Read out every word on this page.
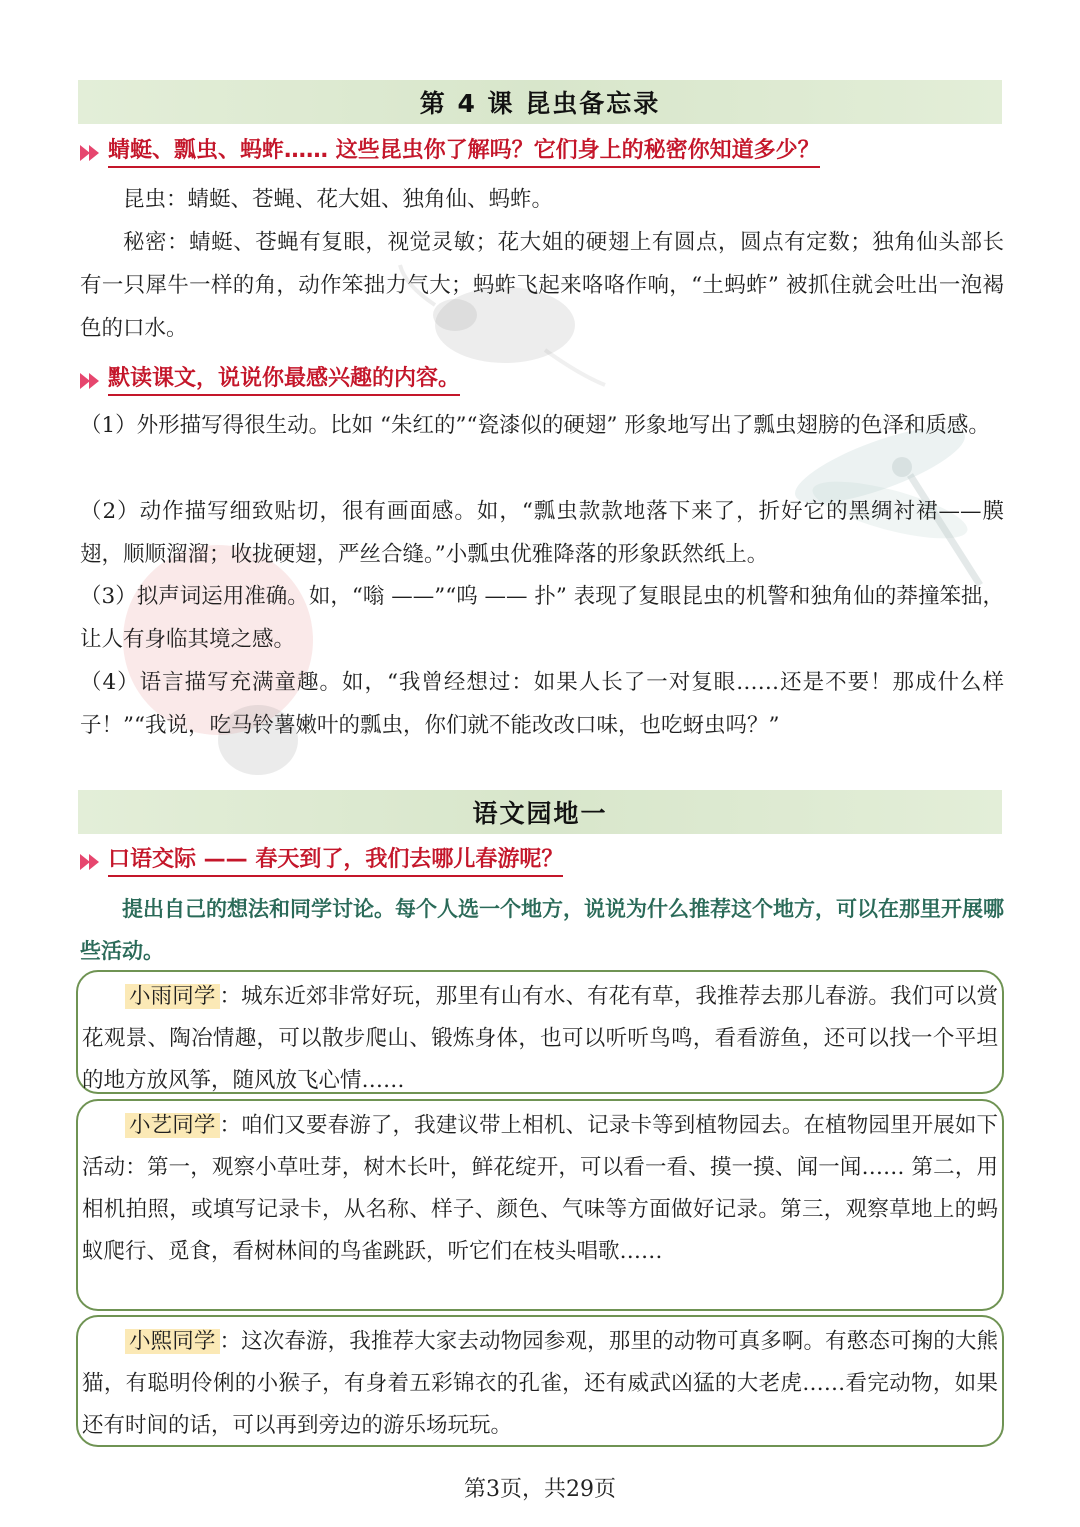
第 4 课 昆虫备忘录
蜻蜓、瓢虫、蚂蚱…… 这些昆虫你了解吗？它们身上的秘密你知道多少？

昆虫：蜻蜓、苍蝇、花大姐、独角仙、蚂蚱。

秘密：蜻蜓、苍蝇有复眼，视觉灵敏；花大姐的硬翅上有圆点，圆点有定数；独角仙头部长有一只犀牛一样的角，动作笨拙力气大；蚂蚱飞起来咯咯作响，“土蚂蚱” 被抓住就会吐出一泡褐色的口水。

默读课文，说说你最感兴趣的内容。

（1）外形描写得很生动。比如 “朱红的”“瓷漆似的硬翅” 形象地写出了瓢虫翅膀的色泽和质感。

（2）动作描写细致贴切，很有画面感。如，“瓢虫款款地落下来了，折好它的黑绸衬裙——膜翅，顺顺溜溜；收拢硬翅，严丝合缝。”小瓢虫优雅降落的形象跃然纸上。

（3）拟声词运用准确。如，“嗡 ——”“呜 —— 扑” 表现了复眼昆虫的机警和独角仙的莽撞笨拙，让人有身临其境之感。

（4）语言描写充满童趣。如，“我曾经想过：如果人长了一对复眼……还是不要！那成什么样子！”“我说，吃马铃薯嫩叶的瓢虫，你们就不能改改口味，也吃蚜虫吗？”

语文园地一
口语交际 —— 春天到了，我们去哪儿春游呢？

提出自己的想法和同学讨论。每个人选一个地方，说说为什么推荐这个地方，可以在那里开展哪些活动。

小雨同学 ：城东近郊非常好玩，那里有山有水、有花有草，我推荐去那儿春游。我们可以赏花观景、陶冶情趣，可以散步爬山、锻炼身体，也可以听听鸟鸣，看看游鱼，还可以找一个平坦的地方放风筝，随风放飞心情……
小艺同学 ：咱们又要春游了，我建议带上相机、记录卡等到植物园去。在植物园里开展如下活动：第一，观察小草吐芽，树木长叶，鲜花绽开，可以看一看、摸一摸、闻一闻…… 第二，用相机拍照，或填写记录卡，从名称、样子、颜色、气味等方面做好记录。第三，观察草地上的蚂蚁爬行、觅食，看树林间的鸟雀跳跃，听它们在枝头唱歌……
小熙同学 ：这次春游，我推荐大家去动物园参观，那里的动物可真多啊。有憨态可掬的大熊猫，有聪明伶俐的小猴子，有身着五彩锦衣的孔雀，还有威武凶猛的大老虎……看完动物，如果还有时间的话，可以再到旁边的游乐场玩玩。
第3页，共29页
